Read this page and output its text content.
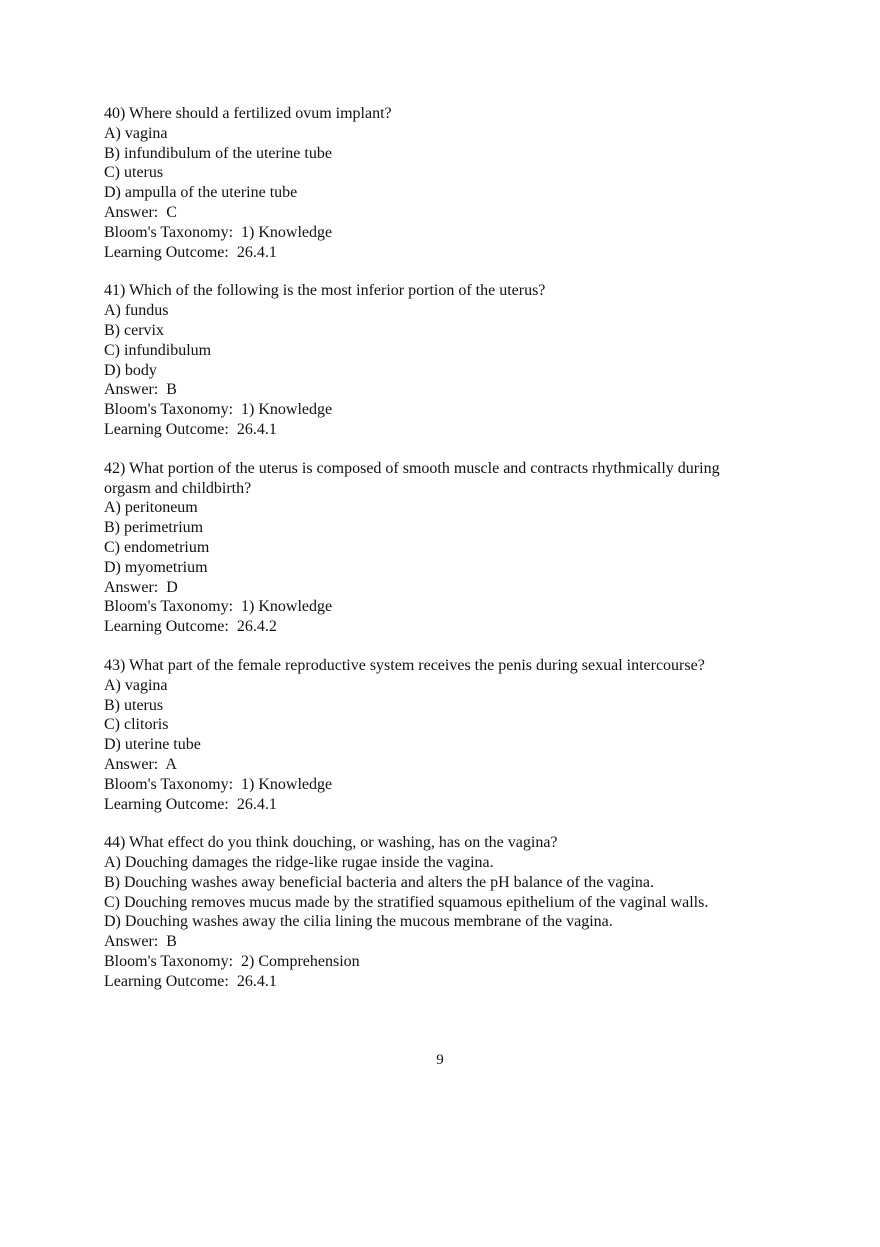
40) Where should a fertilized ovum implant?
A) vagina
B) infundibulum of the uterine tube
C) uterus
D) ampulla of the uterine tube
Answer:  C
Bloom's Taxonomy:  1) Knowledge
Learning Outcome:  26.4.1
41) Which of the following is the most inferior portion of the uterus?
A) fundus
B) cervix
C) infundibulum
D) body
Answer:  B
Bloom's Taxonomy:  1) Knowledge
Learning Outcome:  26.4.1
42) What portion of the uterus is composed of smooth muscle and contracts rhythmically during
orgasm and childbirth?
A) peritoneum
B) perimetrium
C) endometrium
D) myometrium
Answer:  D
Bloom's Taxonomy:  1) Knowledge
Learning Outcome:  26.4.2
43) What part of the female reproductive system receives the penis during sexual intercourse?
A) vagina
B) uterus
C) clitoris
D) uterine tube
Answer:  A
Bloom's Taxonomy:  1) Knowledge
Learning Outcome:  26.4.1
44) What effect do you think douching, or washing, has on the vagina?
A) Douching damages the ridge-like rugae inside the vagina.
B) Douching washes away beneficial bacteria and alters the pH balance of the vagina.
C) Douching removes mucus made by the stratified squamous epithelium of the vaginal walls.
D) Douching washes away the cilia lining the mucous membrane of the vagina.
Answer:  B
Bloom's Taxonomy:  2) Comprehension
Learning Outcome:  26.4.1
9
